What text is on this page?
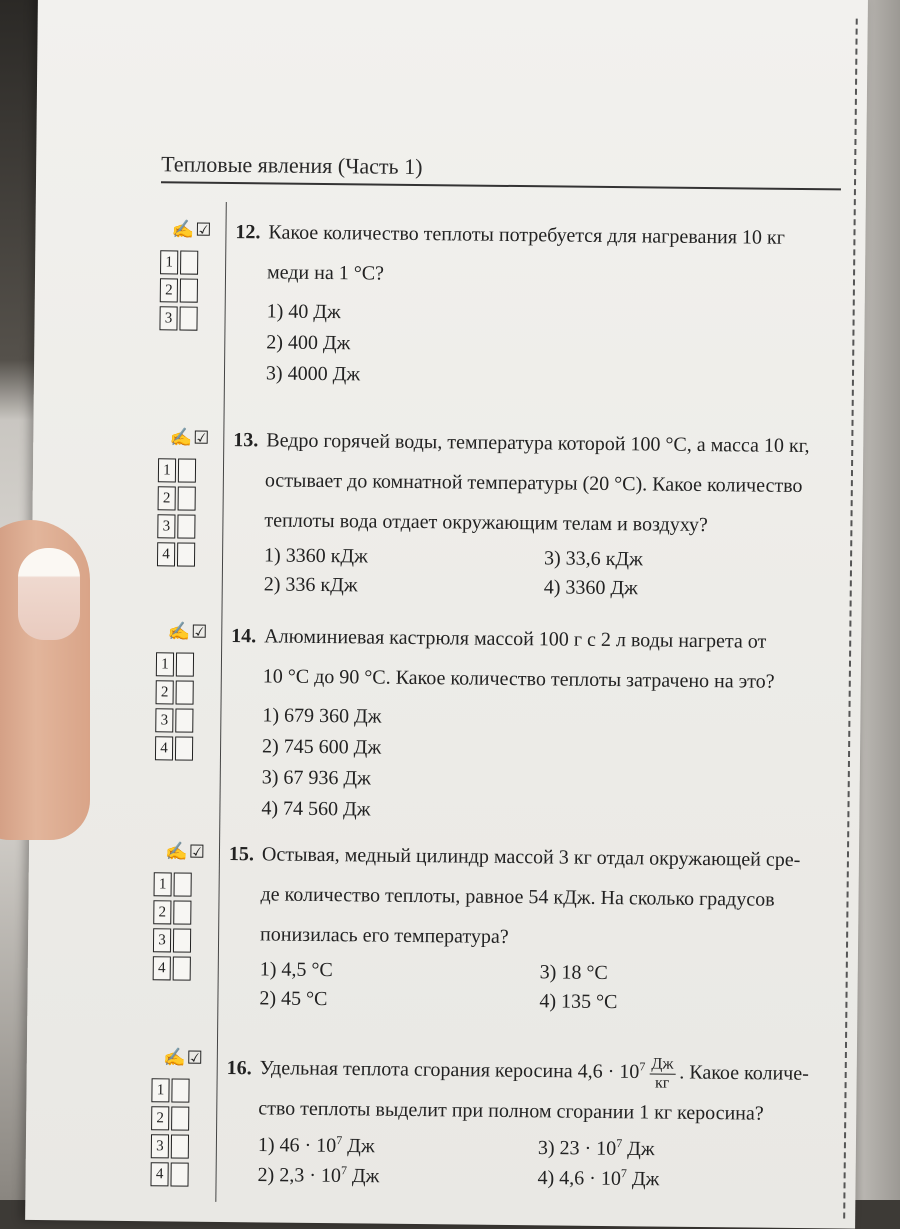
Тепловые явления (Часть 1)
✍☑
1
2
3
12. Какое количество теплоты потребуется для нагревания 10 кг
меди на 1 °С?
1) 40 Дж
2) 400 Дж
3) 4000 Дж
✍☑
1
2
3
4
13. Ведро горячей воды, температура которой 100 °С, а масса 10 кг,
остывает до комнатной температуры (20 °С). Какое количество
теплоты вода отдает окружающим телам и воздуху?
1) 3360 кДж	3) 33,6 кДж
2) 336 кДж	4) 3360 Дж
✍☑
1
2
3
4
14. Алюминиевая кастрюля массой 100 г с 2 л воды нагрета от
10 °С до 90 °С. Какое количество теплоты затрачено на это?
1) 679 360 Дж
2) 745 600 Дж
3) 67 936 Дж
4) 74 560 Дж
✍☑
1
2
3
4
15. Остывая, медный цилиндр массой 3 кг отдал окружающей сре-
де количество теплоты, равное 54 кДж. На сколько градусов
понизилась его температура?
1) 4,5 °С	3) 18 °С
2) 45 °С	4) 135 °С
✍☑
1
2
3
4
16. Удельная теплота сгорания керосина $4,6 \cdot 10^7 \frac{Дж}{кг}$ . Какое количе-
ство теплоты выделит при полном сгорании 1 кг керосина?
1) $46 \cdot 10^7$ Дж	3) $23 \cdot 10^7$ Дж
2) $2,3 \cdot 10^7$ Дж	4) $4,6 \cdot 10^7$ Дж
